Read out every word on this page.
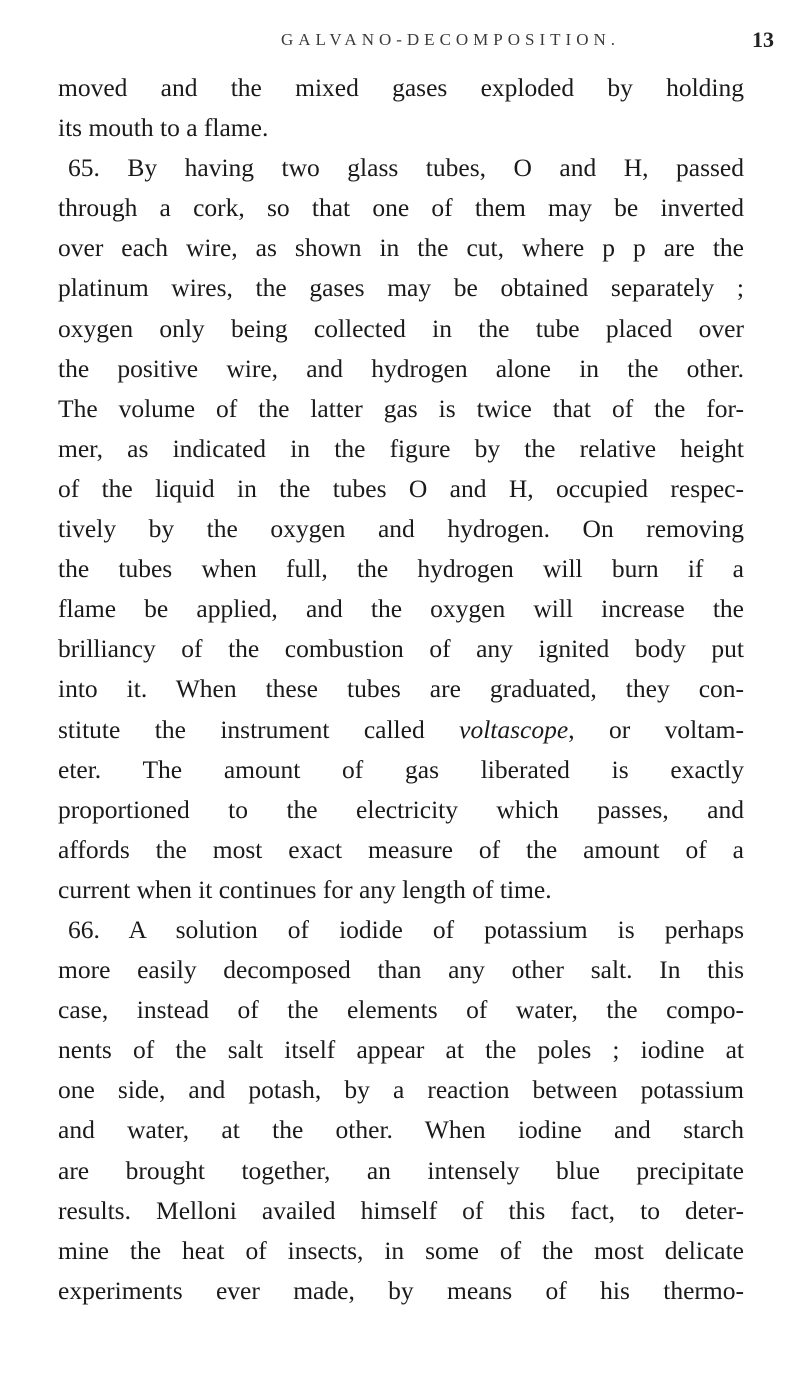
GALVANO-DECOMPOSITION.	13
moved and the mixed gases exploded by holding
its mouth to a flame.
65. By having two glass tubes, O and H, passed
through a cork, so that one of them may be inverted
over each wire, as shown in the cut, where p p are the
platinum wires, the gases may be obtained separately ;
oxygen only being collected in the tube placed over
the positive wire, and hydrogen alone in the other.
The volume of the latter gas is twice that of the for-
mer, as indicated in the figure by the relative height
of the liquid in the tubes O and H, occupied respec-
tively by the oxygen and hydrogen. On removing
the tubes when full, the hydrogen will burn if a
flame be applied, and the oxygen will increase the
brilliancy of the combustion of any ignited body put
into it. When these tubes are graduated, they con-
stitute the instrument called voltascope, or voltam-
eter. The amount of gas liberated is exactly
proportioned to the electricity which passes, and
affords the most exact measure of the amount of a
current when it continues for any length of time.
66. A solution of iodide of potassium is perhaps
more easily decomposed than any other salt. In this
case, instead of the elements of water, the compo-
nents of the salt itself appear at the poles ; iodine at
one side, and potash, by a reaction between potassium
and water, at the other. When iodine and starch
are brought together, an intensely blue precipitate
results. Melloni availed himself of this fact, to deter-
mine the heat of insects, in some of the most delicate
experiments ever made, by means of his thermo-
